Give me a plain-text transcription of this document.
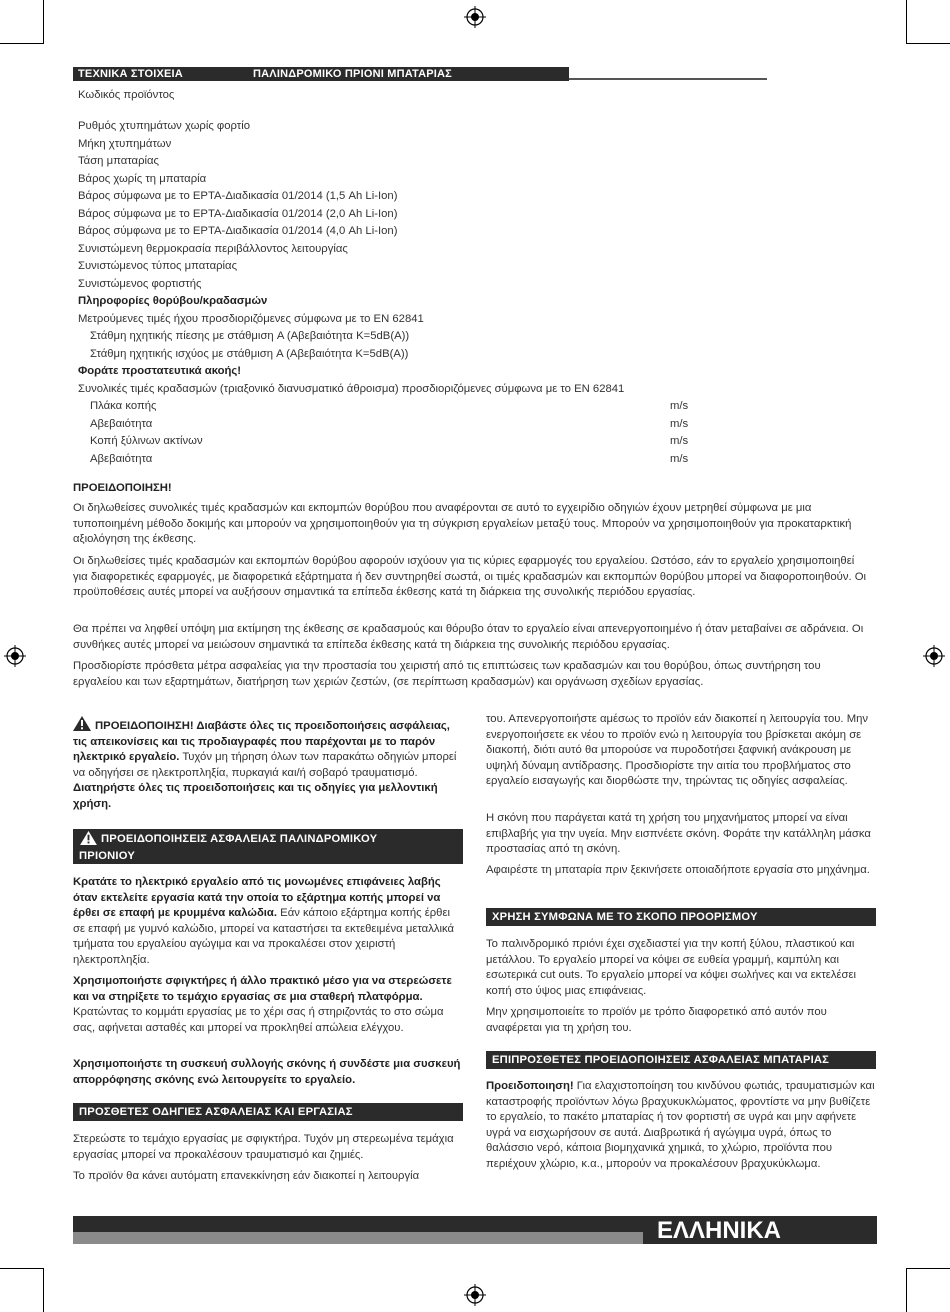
ΤΕΧΝΙΚΑ ΣΤΟΙΧΕΙΑ	ΠΑΛΙΝΔΡΟΜΙΚΟ ΠΡΙΟΝΙ ΜΠΑΤΑΡΙΑΣ
Κωδικός προϊόντος
Ρυθμός χτυπημάτων χωρίς φορτίο
Μήκη χτυπημάτων
Τάση μπαταρίας
Βάρος χωρίς τη μπαταρία
Βάρος σύμφωνα με το EPTA-Διαδικασία 01/2014 (1,5 Ah Li-Ion)
Βάρος σύμφωνα με το EPTA-Διαδικασία 01/2014 (2,0 Ah Li-Ion)
Βάρος σύμφωνα με το EPTA-Διαδικασία 01/2014 (4,0 Ah Li-Ion)
Συνιστώμενη θερμοκρασία περιβάλλοντος λειτουργίας
Συνιστώμενος τύπος μπαταρίας
Συνιστώμενος φορτιστής
Πληροφορίες θορύβου/κραδασμών
Μετρούμενες τιμές ήχου προσδιοριζόμενες σύμφωνα με το EN 62841
Στάθμη ηχητικής πίεσης με στάθμιση A (Αβεβαιότητα K=5dB(A))
Στάθμη ηχητικής ισχύος με στάθμιση A (Αβεβαιότητα K=5dB(A))
Φοράτε προστατευτικά ακοής!
Συνολικές τιμές κραδασμών (τριαξονικό διανυσματικό άθροισμα) προσδιοριζόμενες σύμφωνα με το EN 62841
Πλάκα κοπής	m/s
Αβεβαιότητα	m/s
Κοπή ξύλινων ακτίνων	m/s
Αβεβαιότητα	m/s
ΠΡΟΕΙΔΟΠΟΙΗΣΗ!

Οι δηλωθείσες συνολικές τιμές κραδασμών και εκπομπών θορύβου που αναφέρονται σε αυτό το εγχειρίδιο οδηγιών έχουν μετρηθεί σύμφωνα με μια τυποποιημένη μέθοδο δοκιμής και μπορούν να χρησιμοποιηθούν για τη σύγκριση εργαλείων μεταξύ τους. Μπορούν να χρησιμοποιηθούν για προκαταρκτική αξιολόγηση της έκθεσης.

Οι δηλωθείσες τιμές κραδασμών και εκπομπών θορύβου αφορούν ισχύουν για τις κύριες εφαρμογές του εργαλείου. Ωστόσο, εάν το εργαλείο χρησιμοποιηθεί για διαφορετικές εφαρμογές, με διαφορετικά εξάρτηματα ή δεν συντηρηθεί σωστά, οι τιμές κραδασμών και εκπομπών θορύβου μπορεί να διαφοροποιηθούν. Οι προϋποθέσεις αυτές μπορεί να αυξήσουν σημαντικά τα επίπεδα έκθεσης κατά τη διάρκεια της συνολικής περιόδου εργασίας.

Θα πρέπει να ληφθεί υπόψη μια εκτίμηση της έκθεσης σε κραδασμούς και θόρυβο όταν το εργαλείο είναι απενεργοποιημένο ή όταν μεταβαίνει σε αδράνεια. Οι συνθήκες αυτές μπορεί να μειώσουν σημαντικά τα επίπεδα έκθεσης κατά τη διάρκεια της συνολικής περιόδου εργασίας.

Προσδιορίστε πρόσθετα μέτρα ασφαλείας για την προστασία του χειριστή από τις επιπτώσεις των κραδασμών και του θορύβου, όπως συντήρηση του εργαλείου και των εξαρτημάτων, διατήρηση των χεριών ζεστών, (σε περίπτωση κραδασμών) και οργάνωση σχεδίων εργασίας.

ΠΡΟΕΙΔΟΠΟΙΗΣΗ! Διαβάστε όλες τις προειδοποιήσεις ασφάλειας, τις απεικονίσεις και τις προδιαγραφές που παρέχονται με το παρόν ηλεκτρικό εργαλείο. Τυχόν μη τήρηση όλων των παρακάτω οδηγιών μπορεί να οδηγήσει σε ηλεκτροπληξία, πυρκαγιά και/ή σοβαρό τραυματισμό. Διατηρήστε όλες τις προειδοποιήσεις και τις οδηγίες για μελλοντική χρήση.

ΠΡΟΕΙΔΟΠΟΙΗΣΕΙΣ ΑΣΦΑΛΕΙΑΣ ΠΑΛΙΝΔΡΟΜΙΚΟΥ
ΠΡΙΟΝΙΟΥ

Κρατάτε το ηλεκτρικό εργαλείο από τις μονωμένες επιφάνειες λαβής όταν εκτελείτε εργασία κατά την οποία το εξάρτημα κοπής μπορεί να έρθει σε επαφή με κρυμμένα καλώδια. Εάν κάποιο εξάρτημα κοπής έρθει σε επαφή με γυμνό καλώδιο, μπορεί να καταστήσει τα εκτεθειμένα μεταλλικά τμήματα του εργαλείου αγώγιμα και να προκαλέσει στον χειριστή ηλεκτροπληξία.

Χρησιμοποιήστε σφιγκτήρες ή άλλο πρακτικό μέσο για να στερεώσετε και να στηρίξετε το τεμάχιο εργασίας σε μια σταθερή πλατφόρμα. Κρατώντας το κομμάτι εργασίας με το χέρι σας ή στηριζοντάς το στο σώμα σας, αφήνεται ασταθές και μπορεί να προκληθεί απώλεια ελέγχου.

Χρησιμοποιήστε τη συσκευή συλλογής σκόνης ή συνδέστε μια συσκευή απορρόφησης σκόνης ενώ λειτουργείτε το εργαλείο.

ΠΡΟΣΘΕΤΕΣ ΟΔΗΓΙΕΣ ΑΣΦΑΛΕΙΑΣ ΚΑΙ ΕΡΓΑΣΙΑΣ

Στερεώστε το τεμάχιο εργασίας με σφιγκτήρα. Τυχόν μη στερεωμένα τεμάχια εργασίας μπορεί να προκαλέσουν τραυματισμό και ζημιές.

Το προϊόν θα κάνει αυτόματη επανεκκίνηση εάν διακοπεί η λειτουργία

του. Απενεργοποιήστε αμέσως το προϊόν εάν διακοπεί η λειτουργία του. Μην ενεργοποιήσετε εκ νέου το προϊόν ενώ η λειτουργία του βρίσκεται ακόμη σε διακοπή, διότι αυτό θα μπορούσε να πυροδοτήσει ξαφνική ανάκρουση με υψηλή δύναμη αντίδρασης. Προσδιορίστε την αιτία του προβλήματος στο εργαλείο εισαγωγής και διορθώστε την, τηρώντας τις οδηγίες ασφαλείας.

Η σκόνη που παράγεται κατά τη χρήση του μηχανήματος μπορεί να είναι επιβλαβής για την υγεία. Μην εισπνέετε σκόνη. Φοράτε την κατάλληλη μάσκα προστασίας από τη σκόνη.

Αφαιρέστε τη μπαταρία πριν ξεκινήσετε οποιαδήποτε εργασία στο μηχάνημα.

ΧΡΗΣΗ ΣΥΜΦΩΝΑ ΜΕ ΤΟ ΣΚΟΠΟ ΠΡΟΟΡΙΣΜΟΥ

Το παλινδρομικό πριόνι έχει σχεδιαστεί για την κοπή ξύλου, πλαστικού και μετάλλου. Το εργαλείο μπορεί να κόψει σε ευθεία γραμμή, καμπύλη και εσωτερικά cut outs. Το εργαλείο μπορεί να κόψει σωλήνες και να εκτελέσει κοπή στο ύψος μιας επιφάνειας.

Μην χρησιμοποιείτε το προϊόν με τρόπο διαφορετικό από αυτόν που αναφέρεται για τη χρήση του.

ΕΠΙΠΡΟΣΘΕΤΕΣ ΠΡΟΕΙΔΟΠΟΙΗΣΕΙΣ ΑΣΦΑΛΕΙΑΣ ΜΠΑΤΑΡΙΑΣ

Προειδοποιηση! Για ελαχιστοποίηση του κινδύνου φωτιάς, τραυματισμών και καταστροφής προϊόντων λόγω βραχυκυκλώματος, φροντίστε να μην βυθίζετε το εργαλείο, το πακέτο μπαταρίας ή τον φορτιστή σε υγρά και μην αφήνετε υγρά να εισχωρήσουν σε αυτά. Διαβρωτικά ή αγώγιμα υγρά, όπως το θαλάσσιο νερό, κάποια βιομηχανικά χημικά, το χλώριο, προϊόντα που περιέχουν χλώριο, κ.α., μπορούν να προκαλέσουν βραχυκύκλωμα.

ΕΛΛΗΝΙΚΑ
